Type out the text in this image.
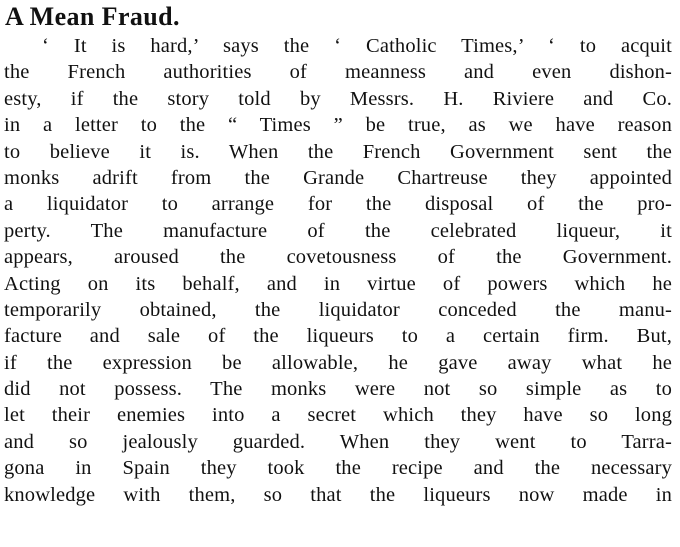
A Mean Fraud.
‘ It is hard,’ says the ‘ Catholic Times,’ ‘ to acquit
the French authorities of meanness and even dishon-
esty, if the story told by Messrs. H. Riviere and Co.
in a letter to the “ Times ” be true, as we have reason
to believe it is. When the French Government sent the
monks adrift from the Grande Chartreuse they appointed
a liquidator to arrange for the disposal of the pro-
perty. The manufacture of the celebrated liqueur, it
appears, aroused the covetousness of the Government.
Acting on its behalf, and in virtue of powers which he
temporarily obtained, the liquidator conceded the manu-
facture and sale of the liqueurs to a certain firm. But,
if the expression be allowable, he gave away what he
did not possess. The monks were not so simple as to
let their enemies into a secret which they have so long
and so jealously guarded. When they went to Tarra-
gona in Spain they took the recipe and the necessary
knowledge with them, so that the liqueurs now made in
